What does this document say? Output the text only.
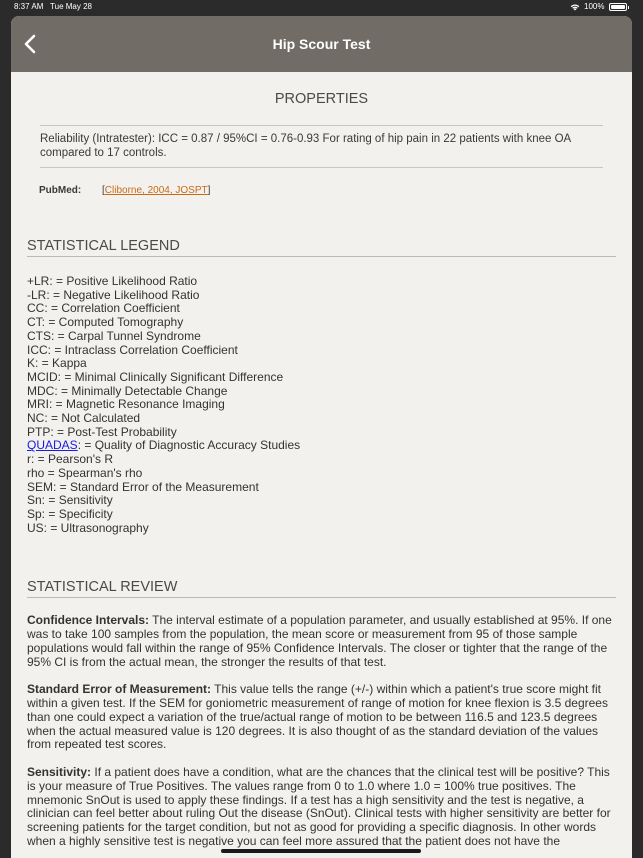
8:37 AM Tue May 28	100%
Hip Scour Test
PROPERTIES

Reliability (Intratester): ICC = 0.87 / 95%CI = 0.76-0.93 For rating of hip pain in 22 patients with knee OA compared to 17 controls.

PubMed: [Cliborne, 2004, JOSPT]
STATISTICAL LEGEND
+LR: = Positive Likelihood Ratio
-LR: = Negative Likelihood Ratio
CC: = Correlation Coefficient
CT: = Computed Tomography
CTS: = Carpal Tunnel Syndrome
ICC: = Intraclass Correlation Coefficient
K: = Kappa
MCID: = Minimal Clinically Significant Difference
MDC: = Minimally Detectable Change
MRI: = Magnetic Resonance Imaging
NC: = Not Calculated
PTP: = Post-Test Probability
QUADAS: = Quality of Diagnostic Accuracy Studies
r: = Pearson's R
rho = Spearman's rho
SEM: = Standard Error of the Measurement
Sn: = Sensitivity
Sp: = Specificity
US: = Ultrasonography
STATISTICAL REVIEW

Confidence Intervals: The interval estimate of a population parameter, and usually established at 95%. If one was to take 100 samples from the population, the mean score or measurement from 95 of those sample populations would fall within the range of 95% Confidence Intervals. The closer or tighter that the range of the 95% CI is from the actual mean, the stronger the results of that test.

Standard Error of Measurement: This value tells the range (+/-) within which a patient's true score might fit within a given test. If the SEM for goniometric measurement of range of motion for knee flexion is 3.5 degrees than one could expect a variation of the true/actual range of motion to be between 116.5 and 123.5 degrees when the actual measured value is 120 degrees. It is also thought of as the standard deviation of the values from repeated test scores.

Sensitivity: If a patient does have a condition, what are the chances that the clinical test will be positive? This is your measure of True Positives. The values range from 0 to 1.0 where 1.0 = 100% true positives. The mnemonic SnOut is used to apply these findings. If a test has a high sensitivity and the test is negative, a clinician can feel better about ruling Out the disease (SnOut). Clinical tests with higher sensitivity are better for screening patients for the target condition, but not as good for providing a specific diagnosis. In other words when a highly sensitive test is negative you can feel more assured that the patient does not have the
